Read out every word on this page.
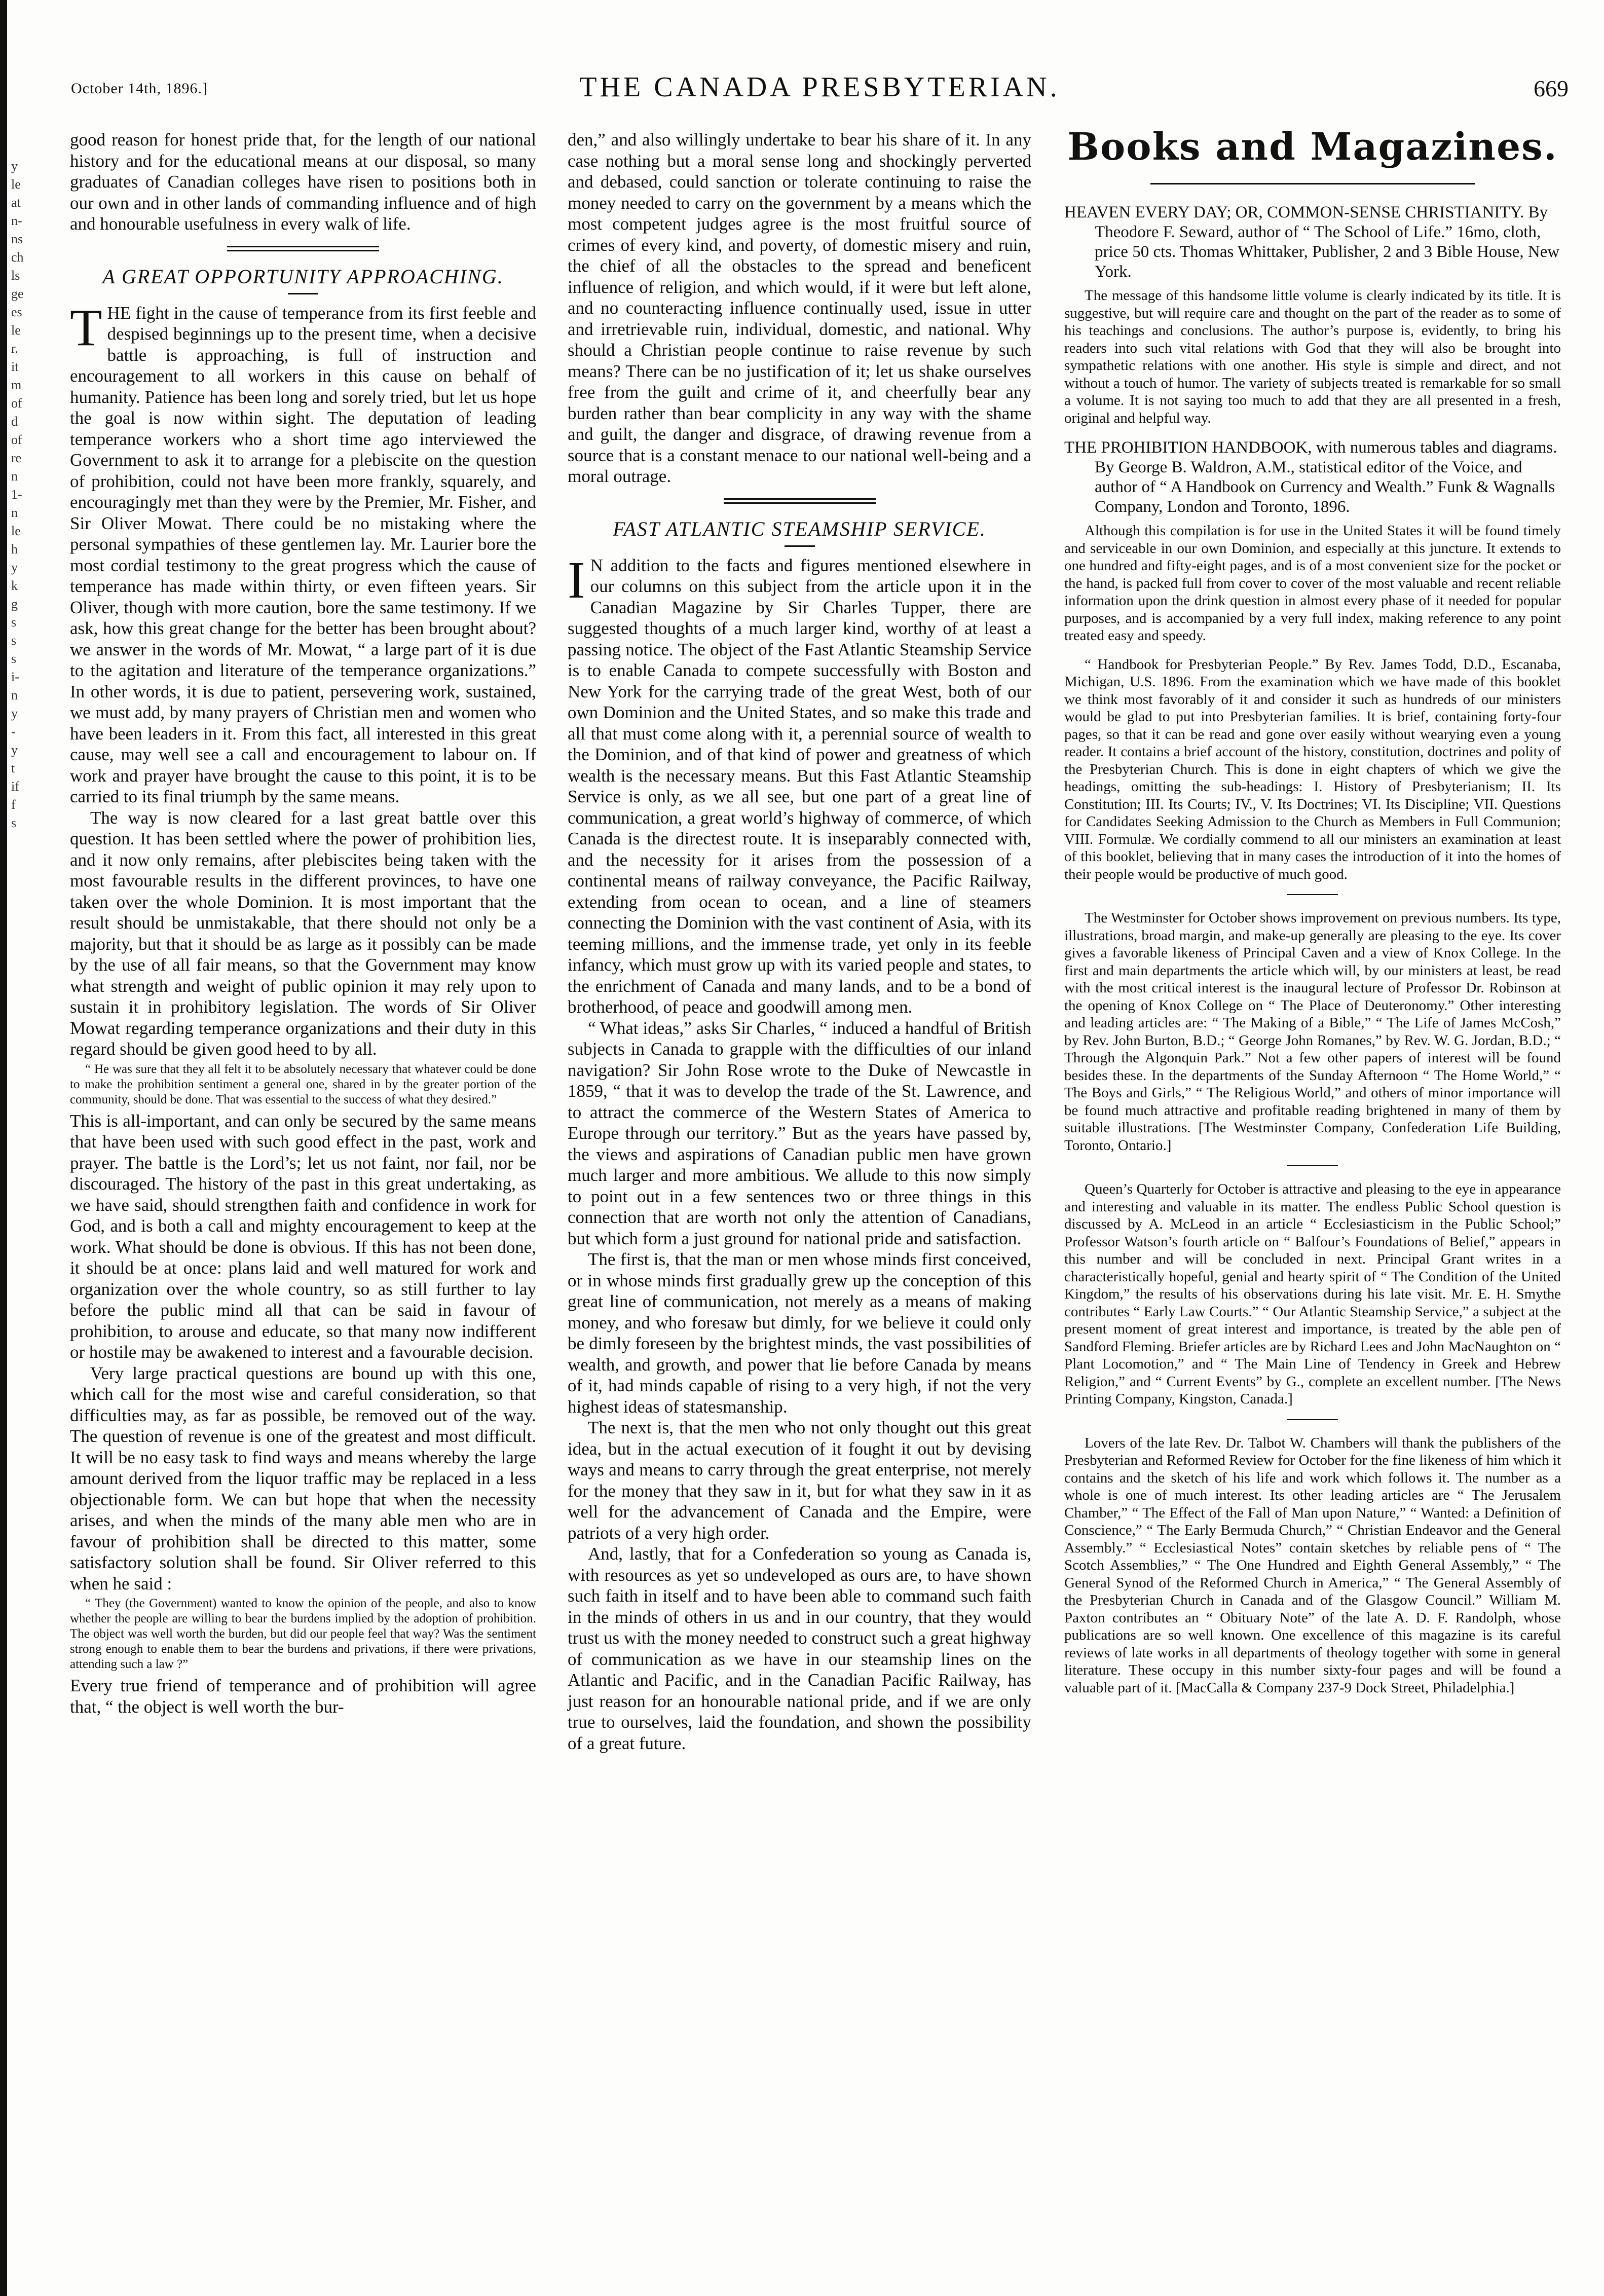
y
le
at
n-
ns
ch
ls
ge
es
le
r.
it
m
of
d
of
re
n
1-
n
le
h
y
k
g
s
s
s
i-
n
y
-
y
t
if
f
s
October 14th, 1896.]	THE CANADA PRESBYTERIAN.	669

good reason for honest pride that, for the length of our national history and for the educational means at our disposal, so many graduates of Canadian colleges have risen to positions both in our own and in other lands of commanding influence and of high and honourable usefulness in every walk of life.

A GREAT OPPORTUNITY APPROACHING.

THE fight in the cause of temperance from its first feeble and despised beginnings up to the present time, when a decisive battle is approaching, is full of instruction and encouragement to all workers in this cause on behalf of humanity. Patience has been long and sorely tried, but let us hope the goal is now within sight. The deputation of leading temperance workers who a short time ago interviewed the Government to ask it to arrange for a plebiscite on the question of prohibition, could not have been more frankly, squarely, and encouragingly met than they were by the Premier, Mr. Fisher, and Sir Oliver Mowat. There could be no mistaking where the personal sympathies of these gentlemen lay. Mr. Laurier bore the most cordial testimony to the great progress which the cause of temperance has made within thirty, or even fifteen years. Sir Oliver, though with more caution, bore the same testimony. If we ask, how this great change for the better has been brought about? we answer in the words of Mr. Mowat, “ a large part of it is due to the agitation and literature of the temperance organizations.” In other words, it is due to patient, persevering work, sustained, we must add, by many prayers of Christian men and women who have been leaders in it. From this fact, all interested in this great cause, may well see a call and encouragement to labour on. If work and prayer have brought the cause to this point, it is to be carried to its final triumph by the same means.

The way is now cleared for a last great battle over this question. It has been settled where the power of prohibition lies, and it now only remains, after plebiscites being taken with the most favourable results in the different provinces, to have one taken over the whole Dominion. It is most important that the result should be unmistakable, that there should not only be a majority, but that it should be as large as it possibly can be made by the use of all fair means, so that the Government may know what strength and weight of public opinion it may rely upon to sustain it in prohibitory legislation. The words of Sir Oliver Mowat regarding temperance organizations and their duty in this regard should be given good heed to by all.

“ He was sure that they all felt it to be absolutely necessary that whatever could be done to make the prohibition sentiment a general one, shared in by the greater portion of the community, should be done. That was essential to the success of what they desired.”

This is all-important, and can only be secured by the same means that have been used with such good effect in the past, work and prayer. The battle is the Lord’s; let us not faint, nor fail, nor be discouraged. The history of the past in this great undertaking, as we have said, should strengthen faith and confidence in work for God, and is both a call and mighty encouragement to keep at the work. What should be done is obvious. If this has not been done, it should be at once: plans laid and well matured for work and organization over the whole country, so as still further to lay before the public mind all that can be said in favour of prohibition, to arouse and educate, so that many now indifferent or hostile may be awakened to interest and a favourable decision.

Very large practical questions are bound up with this one, which call for the most wise and careful consideration, so that difficulties may, as far as possible, be removed out of the way. The question of revenue is one of the greatest and most difficult. It will be no easy task to find ways and means whereby the large amount derived from the liquor traffic may be replaced in a less objectionable form. We can but hope that when the necessity arises, and when the minds of the many able men who are in favour of prohibition shall be directed to this matter, some satisfactory solution shall be found. Sir Oliver referred to this when he said :

“ They (the Government) wanted to know the opinion of the people, and also to know whether the people are willing to bear the burdens implied by the adoption of prohibition. The object was well worth the burden, but did our people feel that way? Was the sentiment strong enough to enable them to bear the burdens and privations, if there were privations, attending such a law ?”

Every true friend of temperance and of prohibition will agree that, “ the object is well worth the bur-

den,” and also willingly undertake to bear his share of it. In any case nothing but a moral sense long and shockingly perverted and debased, could sanction or tolerate continuing to raise the money needed to carry on the government by a means which the most competent judges agree is the most fruitful source of crimes of every kind, and poverty, of domestic misery and ruin, the chief of all the obstacles to the spread and beneficent influence of religion, and which would, if it were but left alone, and no counteracting influence continually used, issue in utter and irretrievable ruin, individual, domestic, and national. Why should a Christian people continue to raise revenue by such means? There can be no justification of it; let us shake ourselves free from the guilt and crime of it, and cheerfully bear any burden rather than bear complicity in any way with the shame and guilt, the danger and disgrace, of drawing revenue from a source that is a constant menace to our national well-being and a moral outrage.

FAST ATLANTIC STEAMSHIP SERVICE.

I N addition to the facts and figures mentioned elsewhere in our columns on this subject from the article upon it in the Canadian Magazine by Sir Charles Tupper, there are suggested thoughts of a much larger kind, worthy of at least a passing notice. The object of the Fast Atlantic Steamship Service is to enable Canada to compete successfully with Boston and New York for the carrying trade of the great West, both of our own Dominion and the United States, and so make this trade and all that must come along with it, a perennial source of wealth to the Dominion, and of that kind of power and greatness of which wealth is the necessary means. But this Fast Atlantic Steamship Service is only, as we all see, but one part of a great line of communication, a great world’s highway of commerce, of which Canada is the directest route. It is inseparably connected with, and the necessity for it arises from the possession of a continental means of railway conveyance, the Pacific Railway, extending from ocean to ocean, and a line of steamers connecting the Dominion with the vast continent of Asia, with its teeming millions, and the immense trade, yet only in its feeble infancy, which must grow up with its varied people and states, to the enrichment of Canada and many lands, and to be a bond of brotherhood, of peace and goodwill among men.

“ What ideas,” asks Sir Charles, “ induced a handful of British subjects in Canada to grapple with the difficulties of our inland navigation? Sir John Rose wrote to the Duke of Newcastle in 1859, “ that it was to develop the trade of the St. Lawrence, and to attract the commerce of the Western States of America to Europe through our territory.” But as the years have passed by, the views and aspirations of Canadian public men have grown much larger and more ambitious. We allude to this now simply to point out in a few sentences two or three things in this connection that are worth not only the attention of Canadians, but which form a just ground for national pride and satisfaction.

The first is, that the man or men whose minds first conceived, or in whose minds first gradually grew up the conception of this great line of communication, not merely as a means of making money, and who foresaw but dimly, for we believe it could only be dimly foreseen by the brightest minds, the vast possibilities of wealth, and growth, and power that lie before Canada by means of it, had minds capable of rising to a very high, if not the very highest ideas of statesmanship.

The next is, that the men who not only thought out this great idea, but in the actual execution of it fought it out by devising ways and means to carry through the great enterprise, not merely for the money that they saw in it, but for what they saw in it as well for the advancement of Canada and the Empire, were patriots of a very high order.

And, lastly, that for a Confederation so young as Canada is, with resources as yet so undeveloped as ours are, to have shown such faith in itself and to have been able to command such faith in the minds of others in us and in our country, that they would trust us with the money needed to construct such a great highway of communication as we have in our steamship lines on the Atlantic and Pacific, and in the Canadian Pacific Railway, has just reason for an honourable national pride, and if we are only true to ourselves, laid the foundation, and shown the possibility of a great future.

Books and Magazines.

HEAVEN EVERY DAY; OR, COMMON-SENSE CHRISTIANITY. By Theodore F. Seward, author of “ The School of Life.” 16mo, cloth, price 50 cts. Thomas Whittaker, Publisher, 2 and 3 Bible House, New York.

The message of this handsome little volume is clearly indicated by its title. It is suggestive, but will require care and thought on the part of the reader as to some of his teachings and conclusions. The author’s purpose is, evidently, to bring his readers into such vital relations with God that they will also be brought into sympathetic relations with one another. His style is simple and direct, and not without a touch of humor. The variety of subjects treated is remarkable for so small a volume. It is not saying too much to add that they are all presented in a fresh, original and helpful way.

THE PROHIBITION HANDBOOK, with numerous tables and diagrams. By George B. Waldron, A.M., statistical editor of the Voice, and author of “ A Handbook on Currency and Wealth.” Funk & Wagnalls Company, London and Toronto, 1896.

Although this compilation is for use in the United States it will be found timely and serviceable in our own Dominion, and especially at this juncture. It extends to one hundred and fifty-eight pages, and is of a most convenient size for the pocket or the hand, is packed full from cover to cover of the most valuable and recent reliable information upon the drink question in almost every phase of it needed for popular purposes, and is accompanied by a very full index, making reference to any point treated easy and speedy.

“ Handbook for Presbyterian People.” By Rev. James Todd, D.D., Escanaba, Michigan, U.S. 1896. From the examination which we have made of this booklet we think most favorably of it and consider it such as hundreds of our ministers would be glad to put into Presbyterian families. It is brief, containing forty-four pages, so that it can be read and gone over easily without wearying even a young reader. It contains a brief account of the history, constitution, doctrines and polity of the Presbyterian Church. This is done in eight chapters of which we give the headings, omitting the sub-headings: I. History of Presbyterianism; II. Its Constitution; III. Its Courts; IV., V. Its Doctrines; VI. Its Discipline; VII. Questions for Candidates Seeking Admission to the Church as Members in Full Communion; VIII. Formulæ. We cordially commend to all our ministers an examination at least of this booklet, believing that in many cases the introduction of it into the homes of their people would be productive of much good.

The Westminster for October shows improvement on previous numbers. Its type, illustrations, broad margin, and make-up generally are pleasing to the eye. Its cover gives a favorable likeness of Principal Caven and a view of Knox College. In the first and main departments the article which will, by our ministers at least, be read with the most critical interest is the inaugural lecture of Professor Dr. Robinson at the opening of Knox College on “ The Place of Deuteronomy.” Other interesting and leading articles are: “ The Making of a Bible,” “ The Life of James McCosh,” by Rev. John Burton, B.D.; “ George John Romanes,” by Rev. W. G. Jordan, B.D.; “ Through the Algonquin Park.” Not a few other papers of interest will be found besides these. In the departments of the Sunday Afternoon “ The Home World,” “ The Boys and Girls,” “ The Religious World,” and others of minor importance will be found much attractive and profitable reading brightened in many of them by suitable illustrations. [The Westminster Company, Confederation Life Building, Toronto, Ontario.]

Queen’s Quarterly for October is attractive and pleasing to the eye in appearance and interesting and valuable in its matter. The endless Public School question is discussed by A. McLeod in an article “ Ecclesiasticism in the Public School;” Professor Watson’s fourth article on “ Balfour’s Foundations of Belief,” appears in this number and will be concluded in next. Principal Grant writes in a characteristically hopeful, genial and hearty spirit of “ The Condition of the United Kingdom,” the results of his observations during his late visit. Mr. E. H. Smythe contributes “ Early Law Courts.” “ Our Atlantic Steamship Service,” a subject at the present moment of great interest and importance, is treated by the able pen of Sandford Fleming. Briefer articles are by Richard Lees and John MacNaughton on “ Plant Locomotion,” and “ The Main Line of Tendency in Greek and Hebrew Religion,” and “ Current Events” by G., complete an excellent number. [The News Printing Company, Kingston, Canada.]

Lovers of the late Rev. Dr. Talbot W. Chambers will thank the publishers of the Presbyterian and Reformed Review for October for the fine likeness of him which it contains and the sketch of his life and work which follows it. The number as a whole is one of much interest. Its other leading articles are “ The Jerusalem Chamber,” “ The Effect of the Fall of Man upon Nature,” “ Wanted: a Definition of Conscience,” “ The Early Bermuda Church,” “ Christian Endeavor and the General Assembly.” “ Ecclesiastical Notes” contain sketches by reliable pens of “ The Scotch Assemblies,” “ The One Hundred and Eighth General Assembly,” “ The General Synod of the Reformed Church in America,” “ The General Assembly of the Presbyterian Church in Canada and of the Glasgow Council.” William M. Paxton contributes an “ Obituary Note” of the late A. D. F. Randolph, whose publications are so well known. One excellence of this magazine is its careful reviews of late works in all departments of theology together with some in general literature. These occupy in this number sixty-four pages and will be found a valuable part of it. [MacCalla & Company 237-9 Dock Street, Philadelphia.]
